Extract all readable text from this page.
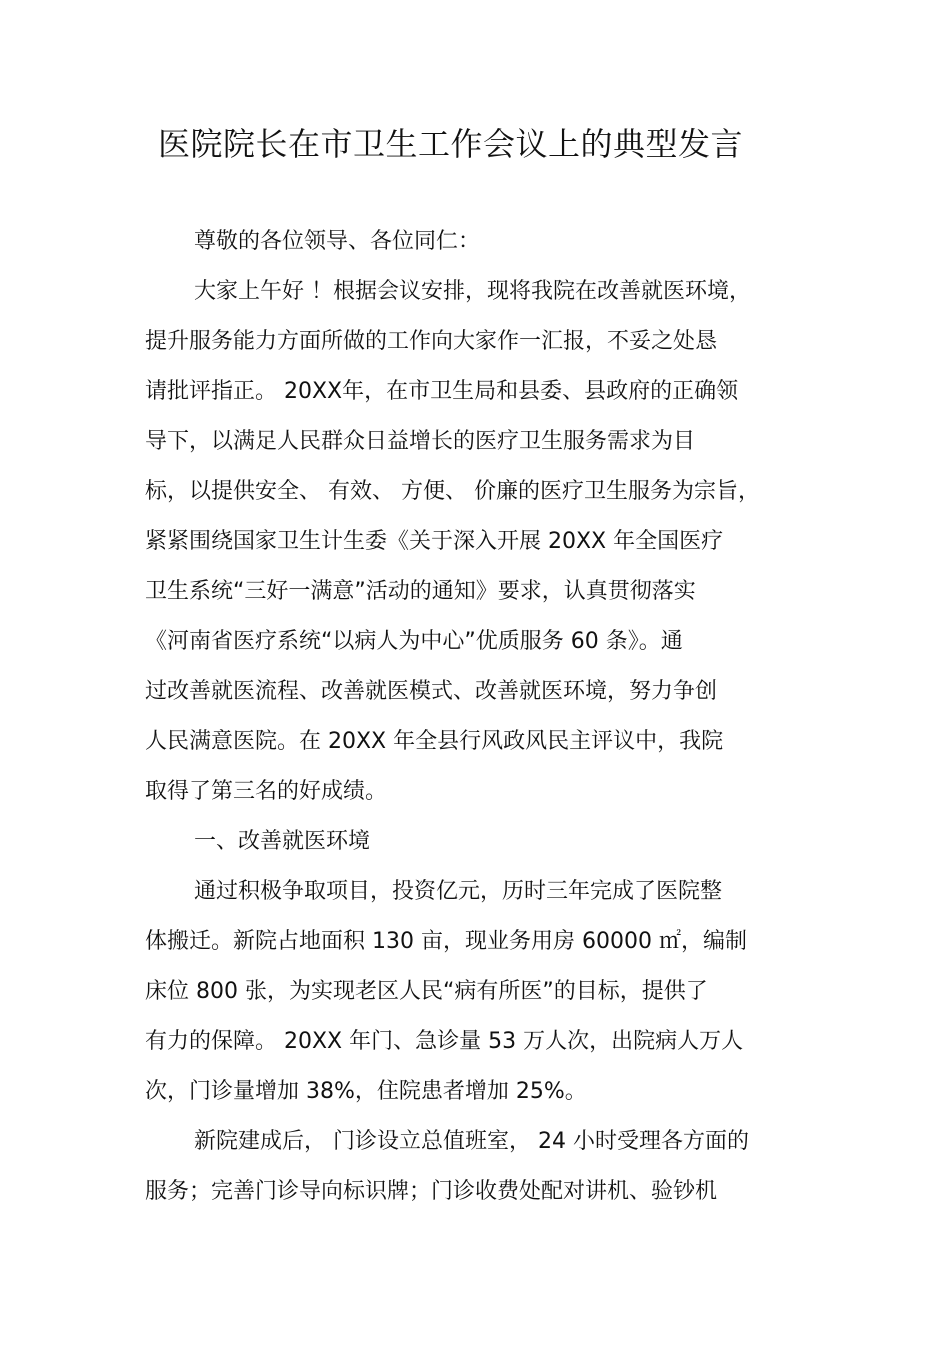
医院院长在市卫生工作会议上的典型发言
尊敬的各位领导、各位同仁：
大家上午好 ！根据会议安排，现将我院在改善就医环境，
提升服务能力方面所做的工作向大家作一汇报，不妥之处恳
请批评指正。 20XX年，在市卫生局和县委、县政府的正确领
导下，以满足人民群众日益增长的医疗卫生服务需求为目
标，以提供安全、 有效、 方便、 价廉的医疗卫生服务为宗旨，
紧紧围绕国家卫生计生委《关于深入开展 20XX 年全国医疗
卫生系统“三好一满意”活动的通知》要求，认真贯彻落实
《河南省医疗系统“以病人为中心”优质服务 60 条》。通
过改善就医流程、改善就医模式、改善就医环境，努力争创
人民满意医院。在 20XX 年全县行风政风民主评议中，我院
取得了第三名的好成绩。
一、改善就医环境
通过积极争取项目，投资亿元，历时三年完成了医院整
体搬迁。新院占地面积 130 亩，现业务用房 60000 ㎡，编制
床位 800 张，为实现老区人民“病有所医”的目标，提供了
有力的保障。 20XX 年门、急诊量 53 万人次，出院病人万人
次，门诊量增加 38%，住院患者增加 25%。
新院建成后， 门诊设立总值班室， 24 小时受理各方面的
服务；完善门诊导向标识牌；门诊收费处配对讲机、验钞机
